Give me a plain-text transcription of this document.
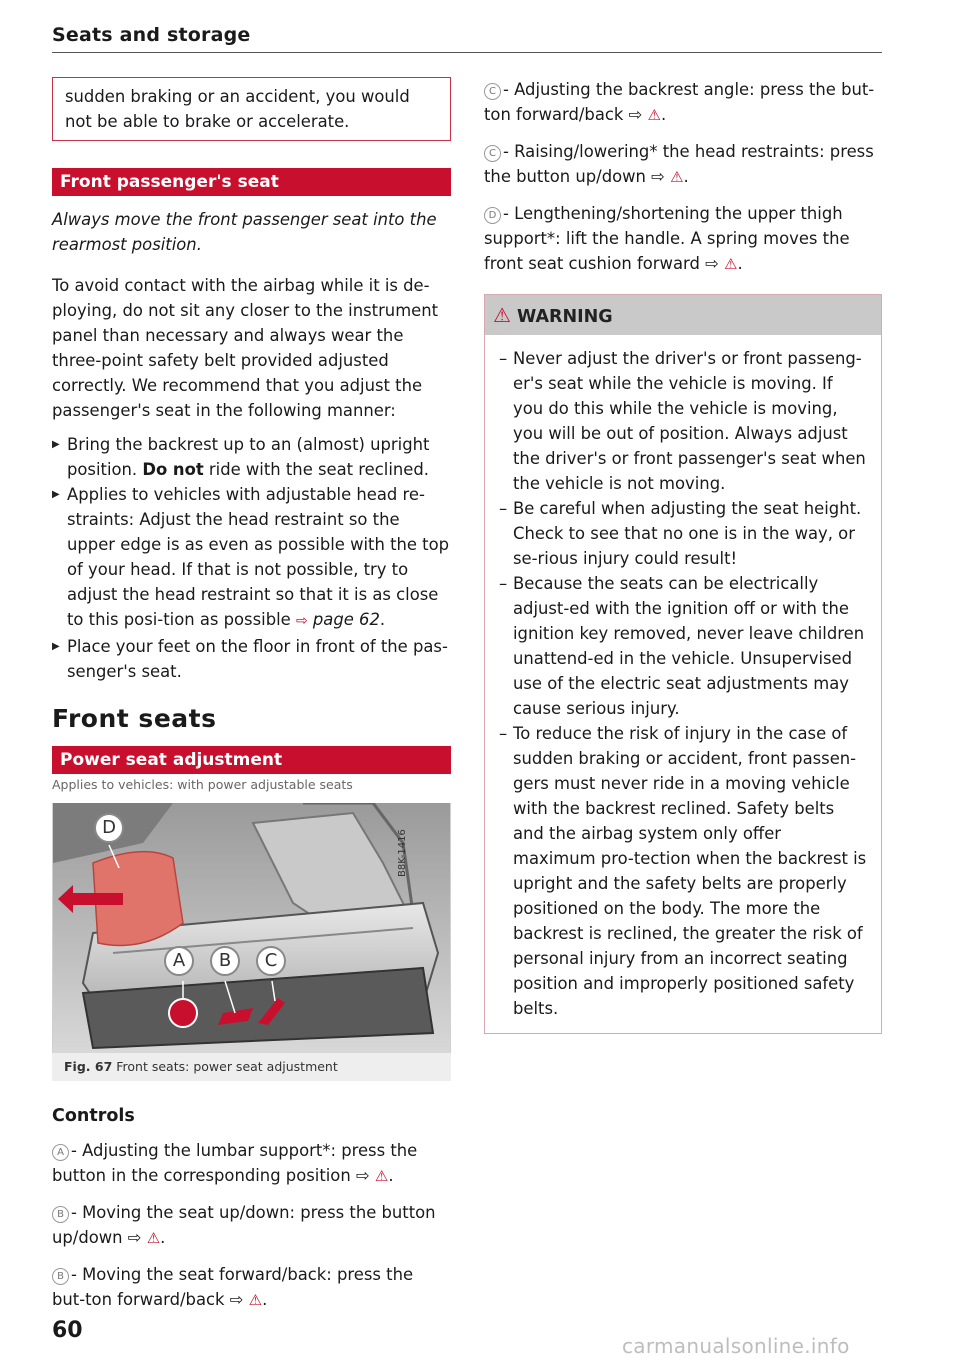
Seats and storage

sudden braking or an accident, you would not be able to brake or accelerate.

Front passenger's seat

Always move the front passenger seat into the rearmost position.

To avoid contact with the airbag while it is de-ploying, do not sit any closer to the instrument panel than necessary and always wear the three-point safety belt provided adjusted correctly. We recommend that you adjust the passenger's seat in the following manner:

▶ Bring the backrest up to an (almost) upright position. Do not ride with the seat reclined.
▶ Applies to vehicles with adjustable head re-straints: Adjust the head restraint so the upper edge is as even as possible with the top of your head. If that is not possible, try to adjust the head restraint so that it is as close to this posi-tion as possible ⇨ page 62.
▶ Place your feet on the floor in front of the pas-senger's seat.
Front seats
Power seat adjustment
Applies to vehicles: with power adjustable seats
A	B	C
D
B8K-1416
Fig. 67 Front seats: power seat adjustment
Controls

A - Adjusting the lumbar support*: press the button in the corresponding position ⇨ ⚠.

B - Moving the seat up/down: press the button up/down ⇨ ⚠.

B - Moving the seat forward/back: press the but-ton forward/back ⇨ ⚠.

C - Adjusting the backrest angle: press the but-ton forward/back ⇨ ⚠.

C - Raising/lowering* the head restraints: press the button up/down ⇨ ⚠.

D - Lengthening/shortening the upper thigh support*: lift the handle. A spring moves the front seat cushion forward ⇨ ⚠.

⚠ WARNING
– Never adjust the driver's or front passeng-er's seat while the vehicle is moving. If you do this while the vehicle is moving, you will be out of position. Always adjust the driver's or front passenger's seat when the vehicle is not moving.
– Be careful when adjusting the seat height. Check to see that no one is in the way, or se-rious injury could result!
– Because the seats can be electrically adjust-ed with the ignition off or with the ignition key removed, never leave children unattend-ed in the vehicle. Unsupervised use of the electric seat adjustments may cause serious injury.
– To reduce the risk of injury in the case of sudden braking or accident, front passen-gers must never ride in a moving vehicle with the backrest reclined. Safety belts and the airbag system only offer maximum pro-tection when the backrest is upright and the safety belts are properly positioned on the body. The more the backrest is reclined, the greater the risk of personal injury from an incorrect seating position and improperly positioned safety belts.
60
carmanualsonline.info
